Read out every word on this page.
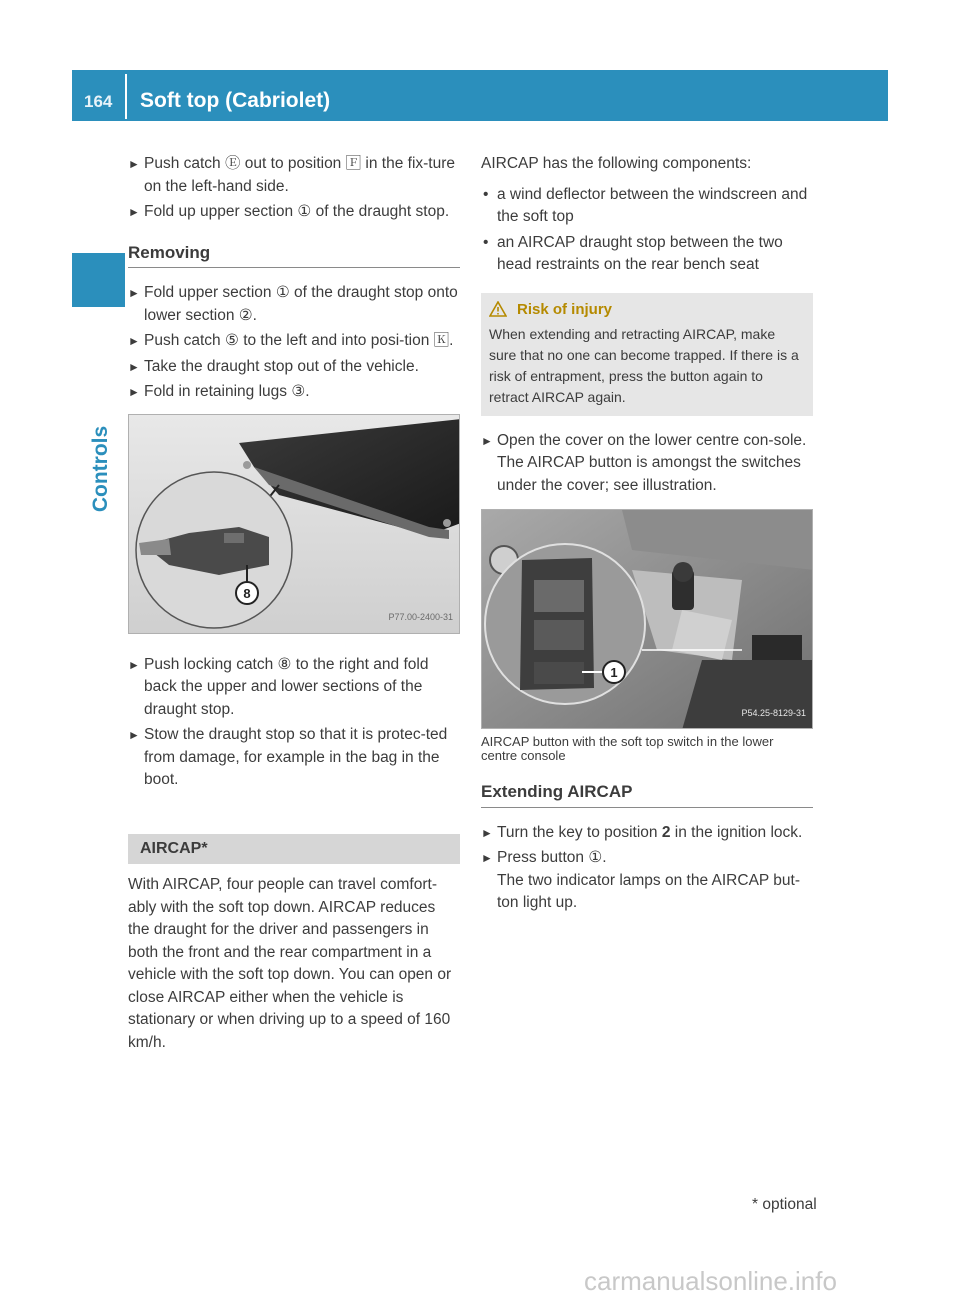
164 Soft top (Cabriolet)
Controls
► Push catch Ⓔ out to position 🄵 in the fix-ture on the left-hand side.
► Fold up upper section ① of the draught stop.
Removing
► Fold upper section ① of the draught stop onto lower section ②.
► Push catch ⑤ to the left and into posi-tion 🄺.
► Take the draught stop out of the vehicle.
► Fold in retaining lugs ③.
8
P77.00-2400-31
► Push locking catch ⑧ to the right and fold back the upper and lower sections of the draught stop.
► Stow the draught stop so that it is protec-ted from damage, for example in the bag in the boot.
AIRCAP*
With AIRCAP, four people can travel comfort-ably with the soft top down. AIRCAP reduces the draught for the driver and passengers in both the front and the rear compartment in a vehicle with the soft top down. You can open or close AIRCAP either when the vehicle is stationary or when driving up to a speed of 160 km/h.
AIRCAP has the following components:
• a wind deflector between the windscreen and the soft top
• an AIRCAP draught stop between the two head restraints on the rear bench seat
Risk of injury
When extending and retracting AIRCAP, make sure that no one can become trapped. If there is a risk of entrapment, press the button again to retract AIRCAP again.
► Open the cover on the lower centre con-sole.
The AIRCAP button is amongst the switches under the cover; see illustration.
1
P54.25-8129-31
AIRCAP button with the soft top switch in the lower centre console
Extending AIRCAP
► Turn the key to position 2 in the ignition lock.
► Press button ①.
The two indicator lamps on the AIRCAP but-ton light up.
* optional
carmanualsonline.info
